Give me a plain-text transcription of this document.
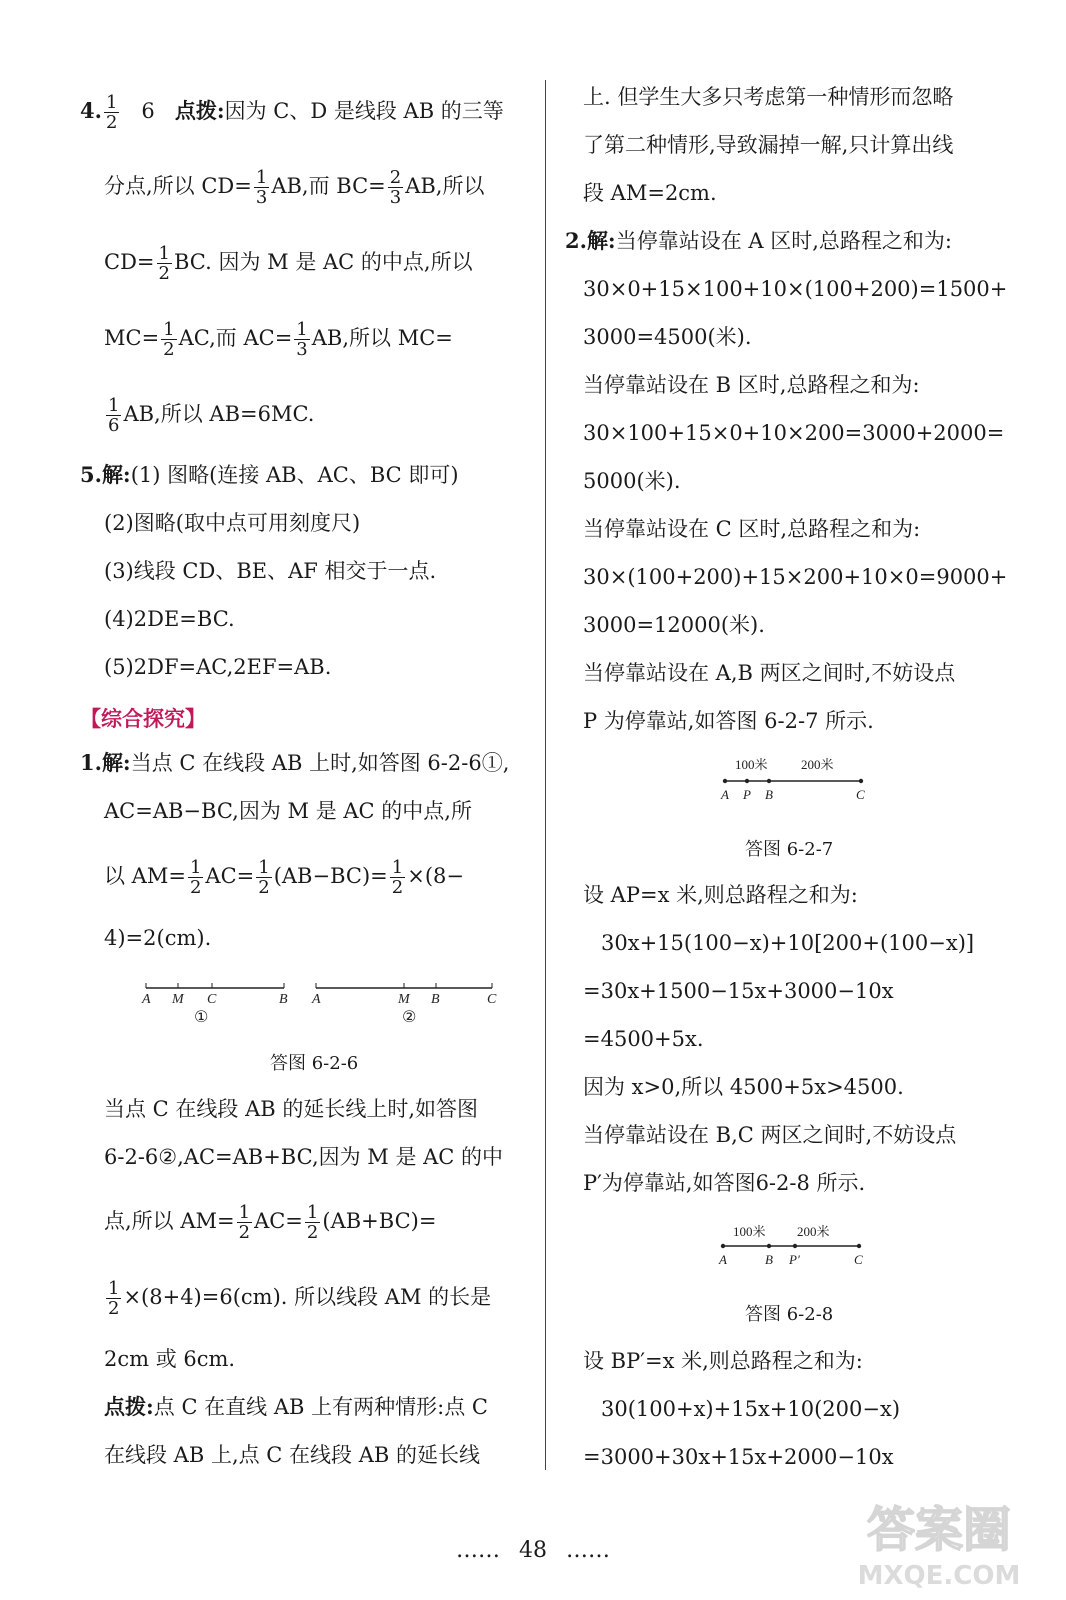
4. $\frac{1}{2} 6$ 点拨:因为 C、D 是线段 AB 的三等
分点,所以 $CD= \frac{1}{3}$ AB,而 $BC= \frac{2}{3}$ AB,所以
$CD= \frac{1}{2}$ BC. 因为 M 是 AC 的中点,所以
$MC= \frac{1}{2}$ AC,而 $AC= \frac{1}{3}$ AB,所以 MC=
$\frac{1}{6}$ AB,所以 AB=6MC.
5.解:(1) 图略(连接 AB、AC、BC 即可)
(2)图略(取中点可用刻度尺)
(3)线段 CD、BE、AF 相交于一点.
(4)2DE=BC.
(5)2DF=AC,2EF=AB.
【综合探究】
1.解:当点 C 在线段 AB 上时,如答图 6-2-6①,
AC=AB−BC,因为 M 是 AC 的中点,所
以 $AM= \frac{1}{2} AC= \frac{1}{2} (AB-BC)= \frac{1}{2} \times(8-$
4)=2(cm).
A M C	B A	M B	C
①	②
答图 6-2-6
当点 C 在线段 AB 的延长线上时,如答图
6-2-6②,AC=AB+BC,因为 M 是 AC 的中
点,所以 $AM= \frac{1}{2} AC= \frac{1}{2} (AB+BC)=$
$\frac{1}{2} \times(8+4)=6(cm)$. 所以线段 AM 的长是
2cm 或 6cm.
点拨:点 C 在直线 AB 上有两种情形:点 C
在线段 AB 上,点 C 在线段 AB 的延长线
上. 但学生大多只考虑第一种情形而忽略
了第二种情形,导致漏掉一解,只计算出线
段 AM=2cm.
2.解:当停靠站设在 A 区时,总路程之和为:
30×0+15×100+10×(100+200)=1500+
3000=4500(米).
当停靠站设在 B 区时,总路程之和为:
30×100+15×0+10×200=3000+2000=
5000(米).
当停靠站设在 C 区时,总路程之和为:
30×(100+200)+15×200+10×0=9000+
3000=12000(米).
当停靠站设在 A,B 两区之间时,不妨设点
P 为停靠站,如答图 6-2-7 所示.
100米	200米
A P B	C
答图 6-2-7
设 AP=x 米,则总路程之和为:
30x+15(100−x)+10[200+(100−x)]
=30x+1500−15x+3000−10x
=4500+5x.
因为 x>0,所以 4500+5x>4500.
当停靠站设在 B,C 两区之间时,不妨设点
P′为停靠站,如答图6-2-8 所示.
100米 200米
A	B P′	C
答图 6-2-8
设 BP′=x 米,则总路程之和为:
30(100+x)+15x+10(200−x)
=3000+30x+15x+2000−10x
…… 48 ……	答案圈
MXQE.COM
